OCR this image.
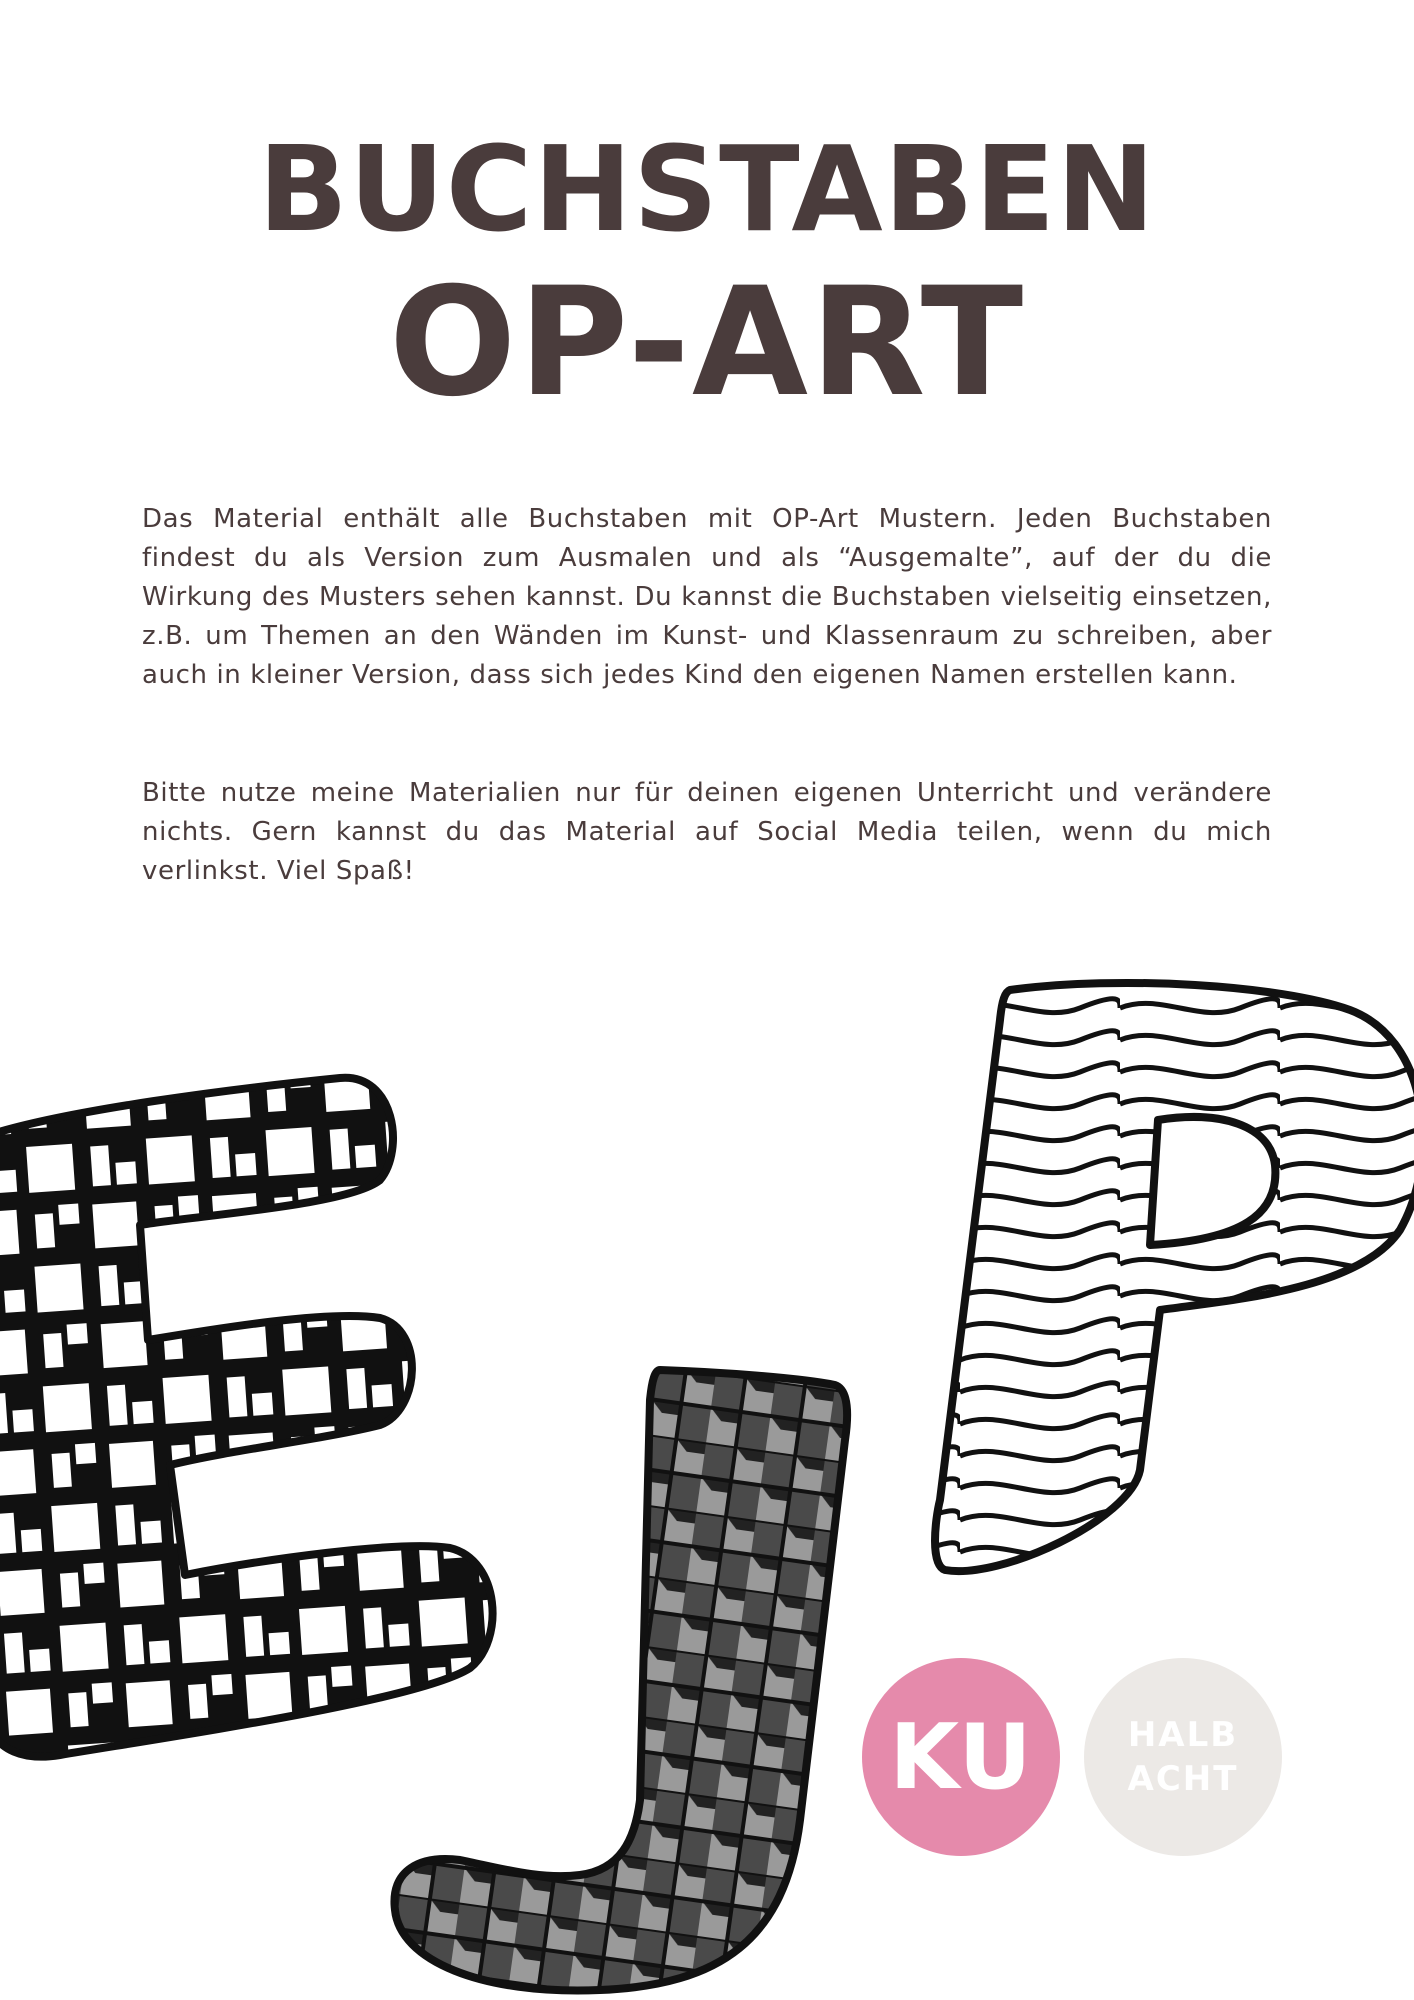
BUCHSTABEN
OP-ART

Das Material enthält alle Buchstaben mit OP-Art Mustern. Jeden Buchstaben findest du als Version zum Ausmalen und als “Ausgemalte”, auf der du die Wirkung des Musters sehen kannst. Du kannst die Buchstaben vielseitig einsetzen, z.B. um Themen an den Wänden im Kunst- und Klassenraum zu schreiben, aber auch in kleiner Version, dass sich jedes Kind den eigenen Namen erstellen kann.

Bitte nutze meine Materialien nur für deinen eigenen Unterricht und verändere nichts. Gern kannst du das Material auf Social Media teilen, wenn du mich verlinkst. Viel Spaß!

KU	HALB
ACHT
